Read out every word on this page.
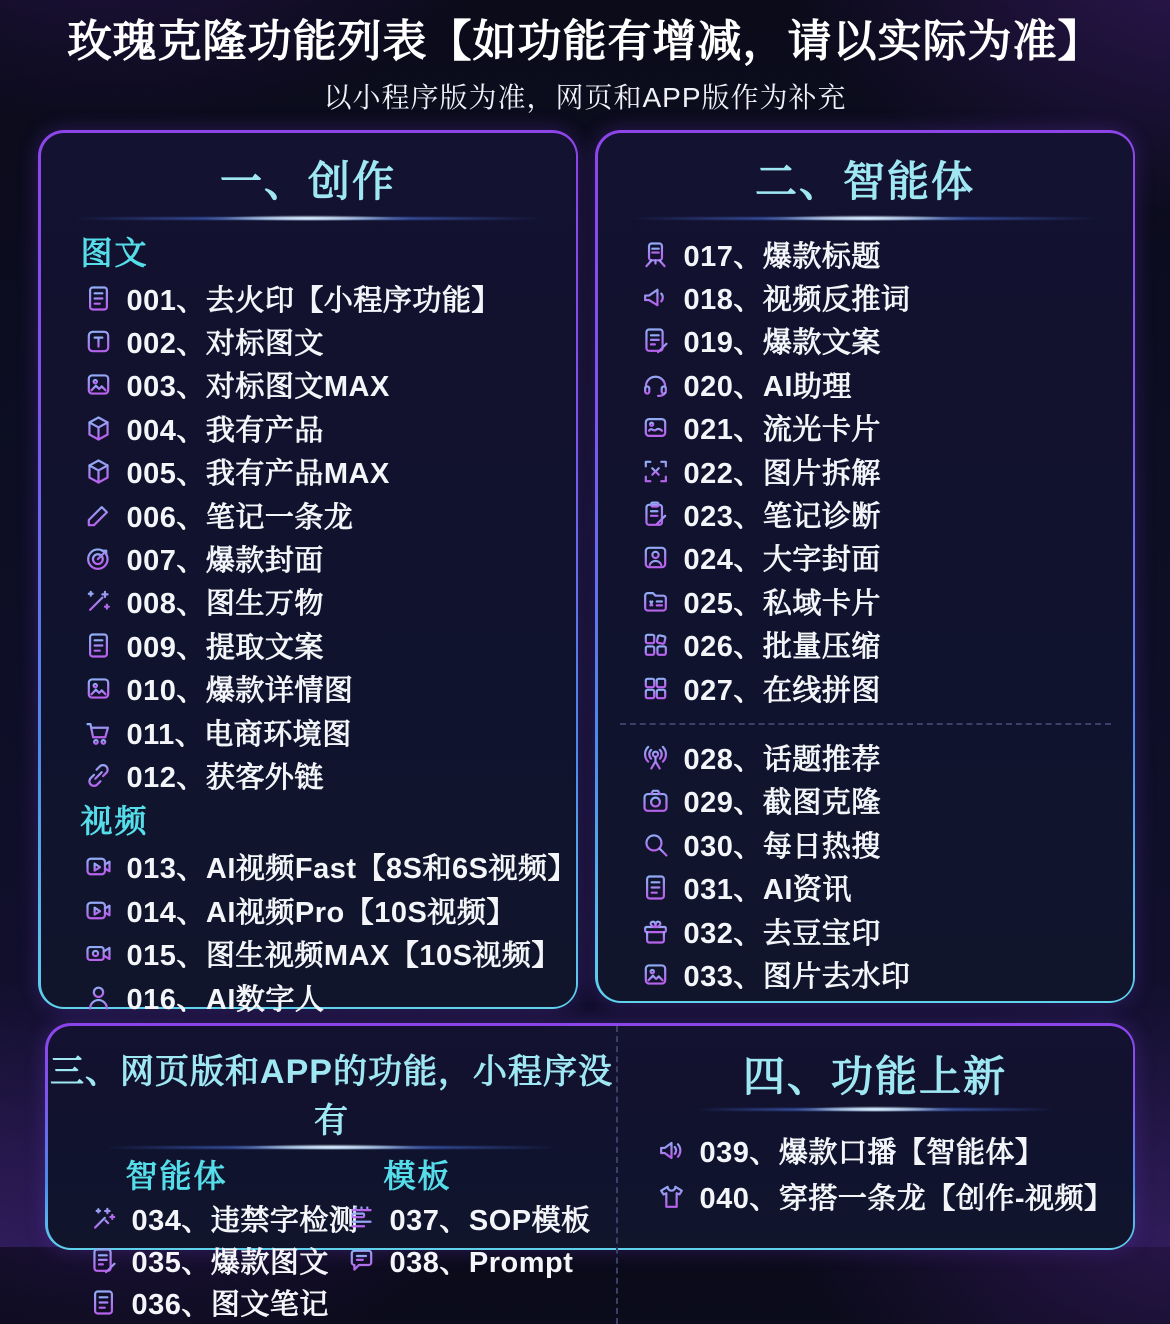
玫瑰克隆功能列表【如功能有增减，请以实际为准】
以小程序版为准，网页和APP版作为补充
一、创作
图文
001、去火印【小程序功能】
002、对标图文
003、对标图文MAX
004、我有产品
005、我有产品MAX
006、笔记一条龙
007、爆款封面
008、图生万物
009、提取文案
010、爆款详情图
011、电商环境图
012、获客外链
视频
013、AI视频Fast【8S和6S视频】
014、AI视频Pro【10S视频】
015、图生视频MAX【10S视频】
016、AI数字人
二、智能体
017、爆款标题
018、视频反推词
019、爆款文案
020、AI助理
021、流光卡片
022、图片拆解
023、笔记诊断
024、大字封面
025、私域卡片
026、批量压缩
027、在线拼图
028、话题推荐
029、截图克隆
030、每日热搜
031、AI资讯
032、去豆宝印
033、图片去水印
三、网页版和APP的功能，小程序没有
智能体
034、违禁字检测
035、爆款图文
036、图文笔记
模板
037、SOP模板
038、Prompt
四、功能上新
039、爆款口播【智能体】
040、穿搭一条龙【创作-视频】
